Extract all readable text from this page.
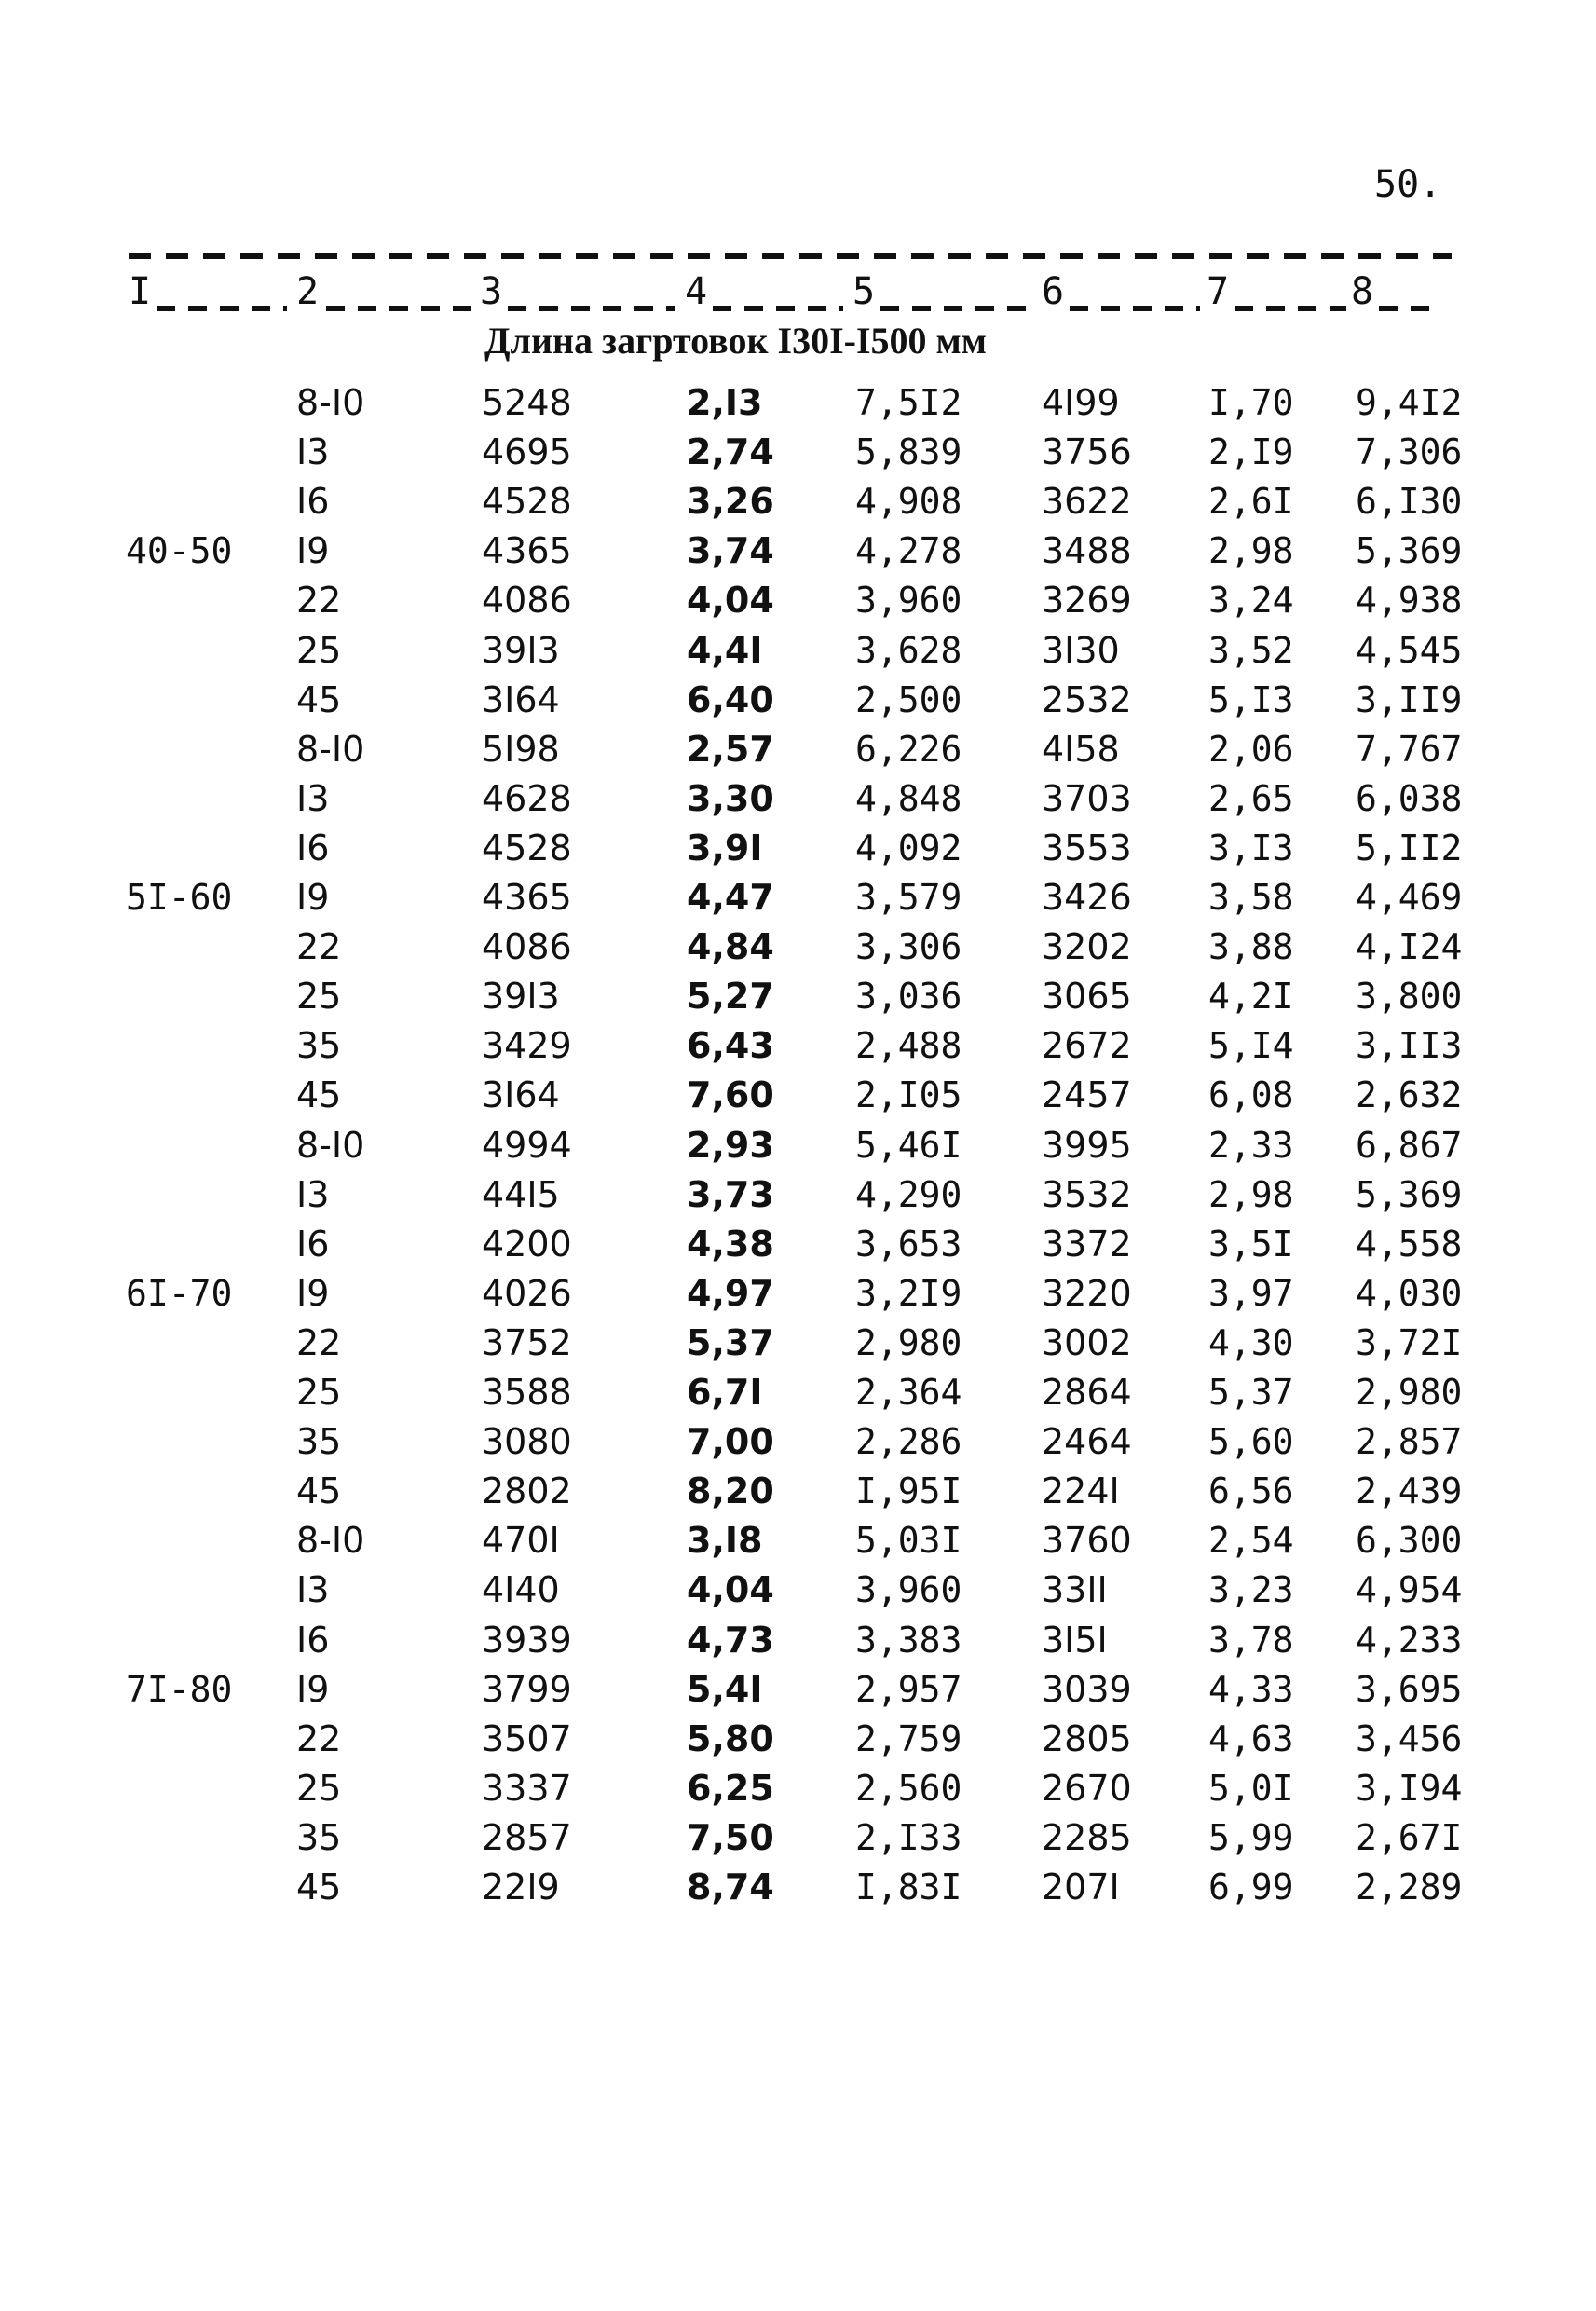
50.
I	2	3	4	5	6	7	8
Длина загртовок I30I-I500 мм
8-I0	5248	2,I3	7,5I2 4I99	I,70 9,4I2
I3	4695	2,74 5,839 3756 2,I9 7,306
I6	4528	3,26 4,908 3622 2,6I 6,I30
40-50 I9	4365	3,74 4,278 3488 2,98 5,369
22	4086	4,04 3,960 3269 3,24 4,938
25	39I3	4,4I	3,628 3I30	3,52 4,545
45	3I64	6,40 2,500 2532 5,I3 3,II9
8-I0	5I98	2,57 6,226 4I58	2,06 7,767
I3	4628	3,30 4,848 3703 2,65 6,038
I6	4528	3,9I	4,092 3553 3,I3 5,II2
5I-60 I9	4365	4,47 3,579 3426 3,58 4,469
22	4086	4,84 3,306 3202 3,88 4,I24
25	39I3	5,27 3,036 3065 4,2I 3,800
35	3429	6,43 2,488 2672 5,I4 3,II3
45	3I64	7,60 2,I05 2457 6,08 2,632
8-I0	4994	2,93 5,46I 3995 2,33 6,867
I3	44I5	3,73 4,290 3532 2,98 5,369
I6	4200	4,38 3,653 3372 3,5I 4,558
6I-70 I9	4026	4,97 3,2I9 3220 3,97 4,030
22	3752	5,37 2,980 3002 4,30 3,72I
25	3588	6,7I	2,364 2864 5,37 2,980
35	3080	7,00 2,286 2464 5,60 2,857
45	2802	8,20 I,95I 224I	6,56 2,439
8-I0	470I	3,I8	5,03I 3760 2,54 6,300
I3	4I40	4,04 3,960 33II	3,23 4,954
I6	3939	4,73 3,383 3I5I	3,78 4,233
7I-80 I9	3799	5,4I	2,957 3039 4,33 3,695
22	3507	5,80 2,759 2805 4,63 3,456
25	3337	6,25 2,560 2670 5,0I 3,I94
35	2857	7,50 2,I33 2285 5,99 2,67I
45	22I9	8,74 I,83I 207I	6,99 2,289
